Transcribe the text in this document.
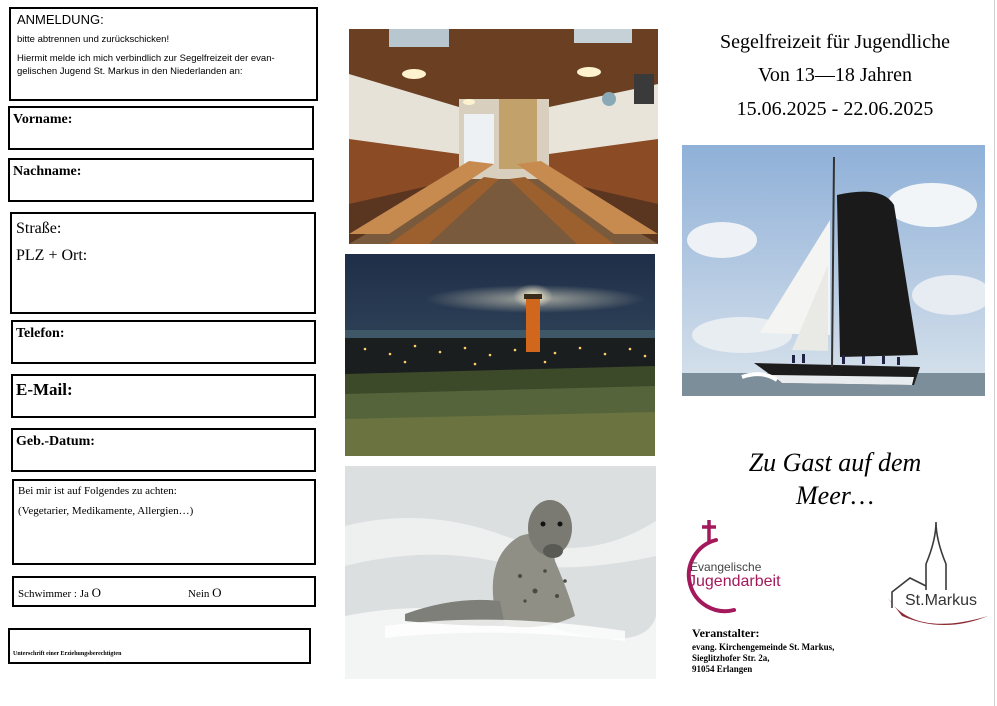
ANMELDUNG:
bitte abtrennen und zurückschicken!
Hiermit melde ich mich verbindlich zur Segelfreizeit der evan-
gelischen Jugend St. Markus in den Niederlanden an:
Vorname:
Nachname:
Straße:
PLZ + Ort:
Telefon:
E-Mail:
Geb.-Datum:
Bei mir ist auf Folgendes zu achten:
(Vegetarier, Medikamente, Allergien…)
Schwimmer : Ja O	Nein O
Unterschrift einer Erziehungsberechtigten
Segelfreizeit für Jugendliche
Von 13—18 Jahren
15.06.2025 - 22.06.2025
Zu Gast auf dem
Meer…
Evangelische
Jugendarbeit
St.Markus
Veranstalter:
evang. Kirchengemeinde St. Markus,
Sieglitzhofer Str. 2a,
91054 Erlangen
